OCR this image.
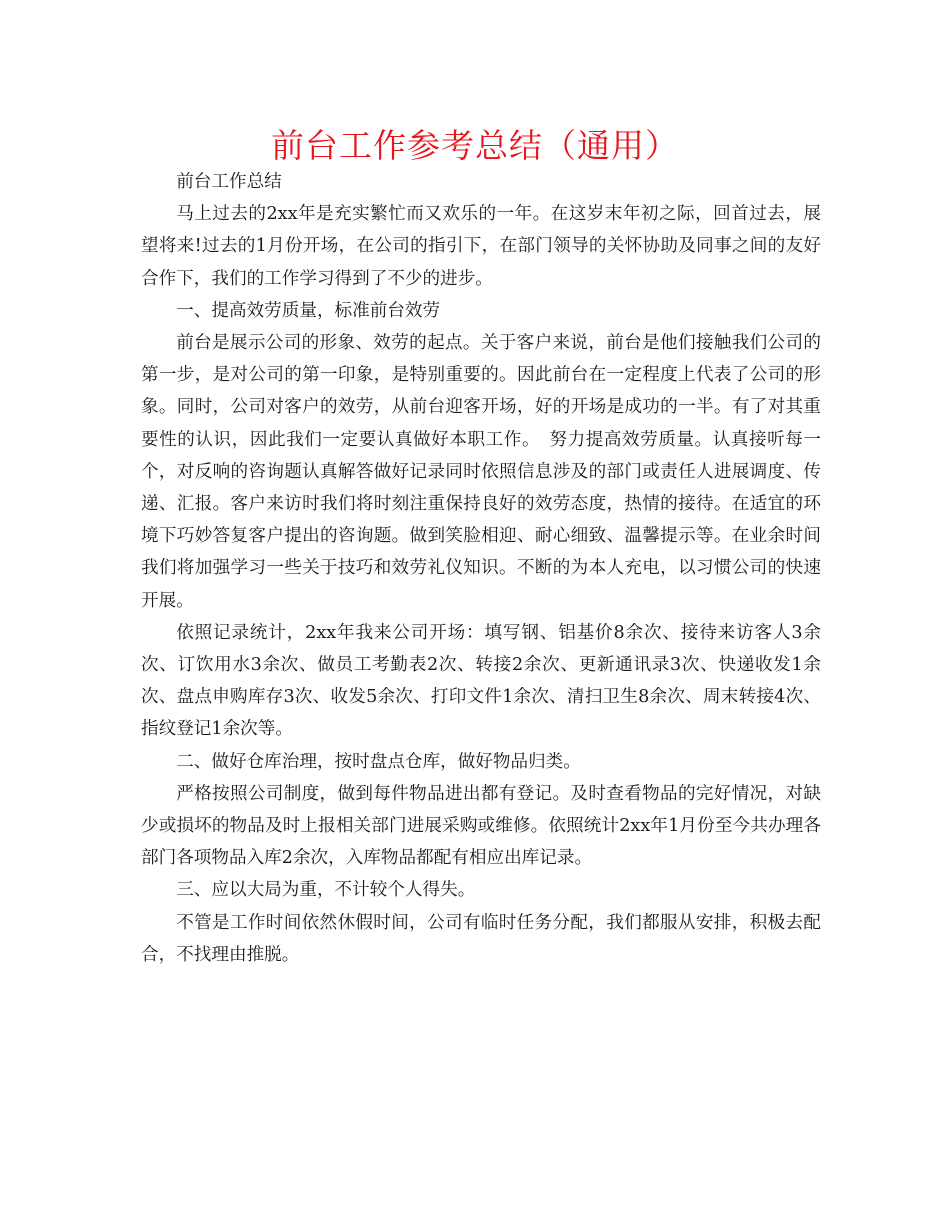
前台工作参考总结（通用）

前台工作总结

马上过去的2xx年是充实繁忙而又欢乐的一年。在这岁末年初之际，回首过去，展望将来!过去的1月份开场，在公司的指引下，在部门领导的关怀协助及同事之间的友好合作下，我们的工作学习得到了不少的进步。

一、提高效劳质量，标准前台效劳

前台是展示公司的形象、效劳的起点。关于客户来说，前台是他们接触我们公司的第一步，是对公司的第一印象，是特别重要的。因此前台在一定程度上代表了公司的形象。同时，公司对客户的效劳，从前台迎客开场，好的开场是成功的一半。有了对其重要性的认识，因此我们一定要认真做好本职工作。　努力提高效劳质量。认真接听每一个，对反响的咨询题认真解答做好记录同时依照信息涉及的部门或责任人进展调度、传递、汇报。客户来访时我们将时刻注重保持良好的效劳态度，热情的接待。在适宜的环境下巧妙答复客户提出的咨询题。做到笑脸相迎、耐心细致、温馨提示等。在业余时间我们将加强学习一些关于技巧和效劳礼仪知识。不断的为本人充电，以习惯公司的快速开展。

依照记录统计，2xx年我来公司开场：填写钢、铝基价8余次、接待来访客人3余次、订饮用水3余次、做员工考勤表2次、转接2余次、更新通讯录3次、快递收发1余次、盘点申购库存3次、收发5余次、打印文件1余次、清扫卫生8余次、周末转接4次、指纹登记1余次等。

二、做好仓库治理，按时盘点仓库，做好物品归类。

严格按照公司制度，做到每件物品进出都有登记。及时查看物品的完好情况，对缺少或损坏的物品及时上报相关部门进展采购或维修。依照统计2xx年1月份至今共办理各部门各项物品入库2余次，入库物品都配有相应出库记录。

三、应以大局为重，不计较个人得失。

不管是工作时间依然休假时间，公司有临时任务分配，我们都服从安排，积极去配合，不找理由推脱。
